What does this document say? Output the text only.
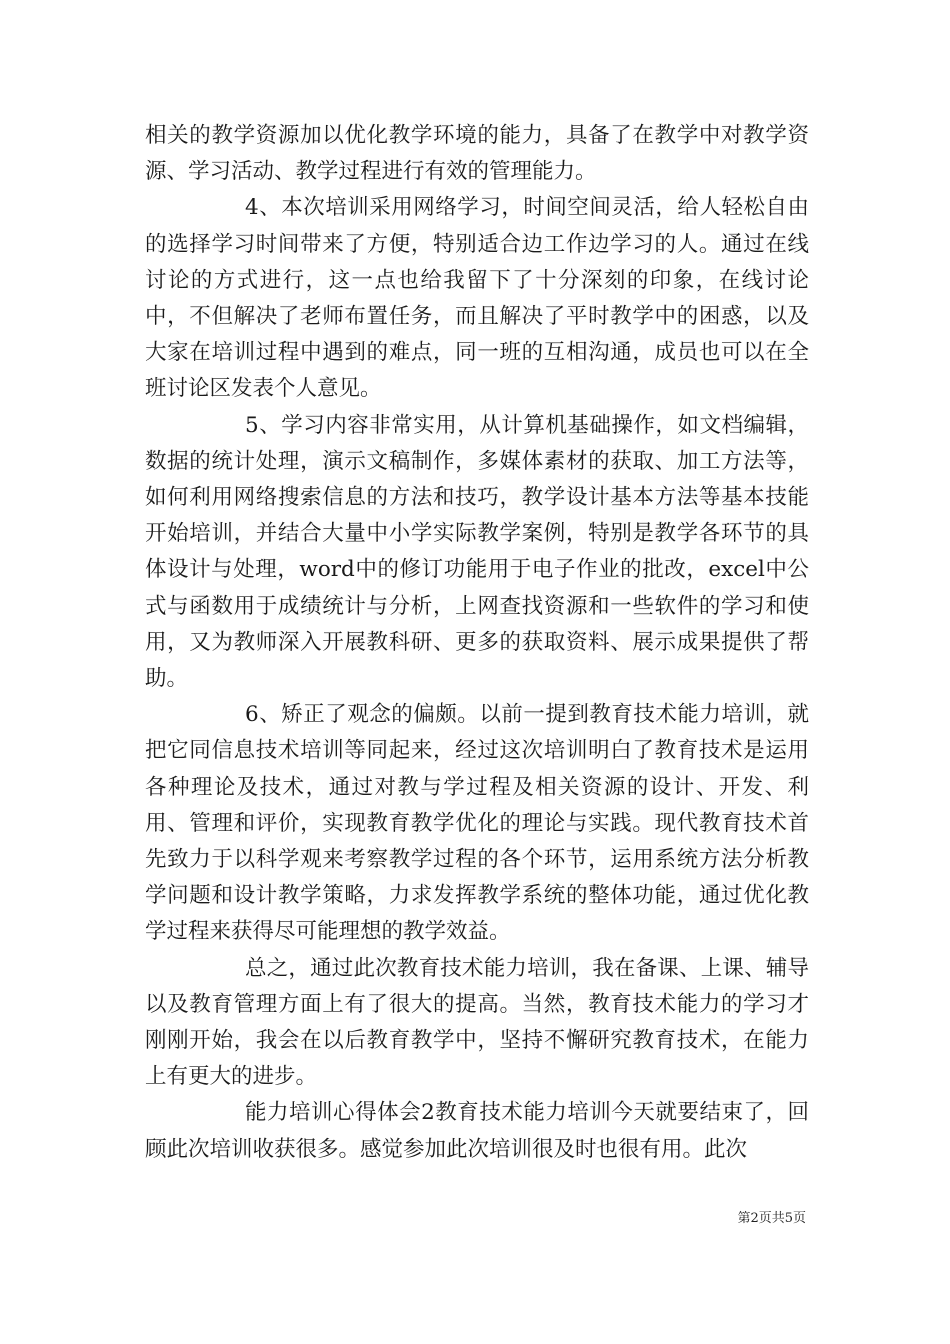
相关的教学资源加以优化教学环境的能力，具备了在教学中对教学资源、学习活动、教学过程进行有效的管理能力。

4、本次培训采用网络学习，时间空间灵活，给人轻松自由的选择学习时间带来了方便，特别适合边工作边学习的人。通过在线讨论的方式进行，这一点也给我留下了十分深刻的印象，在线讨论中，不但解决了老师布置任务，而且解决了平时教学中的困惑，以及大家在培训过程中遇到的难点，同一班的互相沟通，成员也可以在全班讨论区发表个人意见。

5、学习内容非常实用，从计算机基础操作，如文档编辑，数据的统计处理，演示文稿制作，多媒体素材的获取、加工方法等，如何利用网络搜索信息的方法和技巧，教学设计基本方法等基本技能开始培训，并结合大量中小学实际教学案例，特别是教学各环节的具体设计与处理，word中的修订功能用于电子作业的批改，excel中公式与函数用于成绩统计与分析，上网查找资源和一些软件的学习和使用，又为教师深入开展教科研、更多的获取资料、展示成果提供了帮助。

6、矫正了观念的偏颇。以前一提到教育技术能力培训，就把它同信息技术培训等同起来，经过这次培训明白了教育技术是运用各种理论及技术，通过对教与学过程及相关资源的设计、开发、利用、管理和评价，实现教育教学优化的理论与实践。现代教育技术首先致力于以科学观来考察教学过程的各个环节，运用系统方法分析教学问题和设计教学策略，力求发挥教学系统的整体功能，通过优化教学过程来获得尽可能理想的教学效益。

总之，通过此次教育技术能力培训，我在备课、上课、辅导以及教育管理方面上有了很大的提高。当然，教育技术能力的学习才刚刚开始，我会在以后教育教学中，坚持不懈研究教育技术，在能力上有更大的进步。

能力培训心得体会2教育技术能力培训今天就要结束了，回顾此次培训收获很多。感觉参加此次培训很及时也很有用。此次

第2页共5页
